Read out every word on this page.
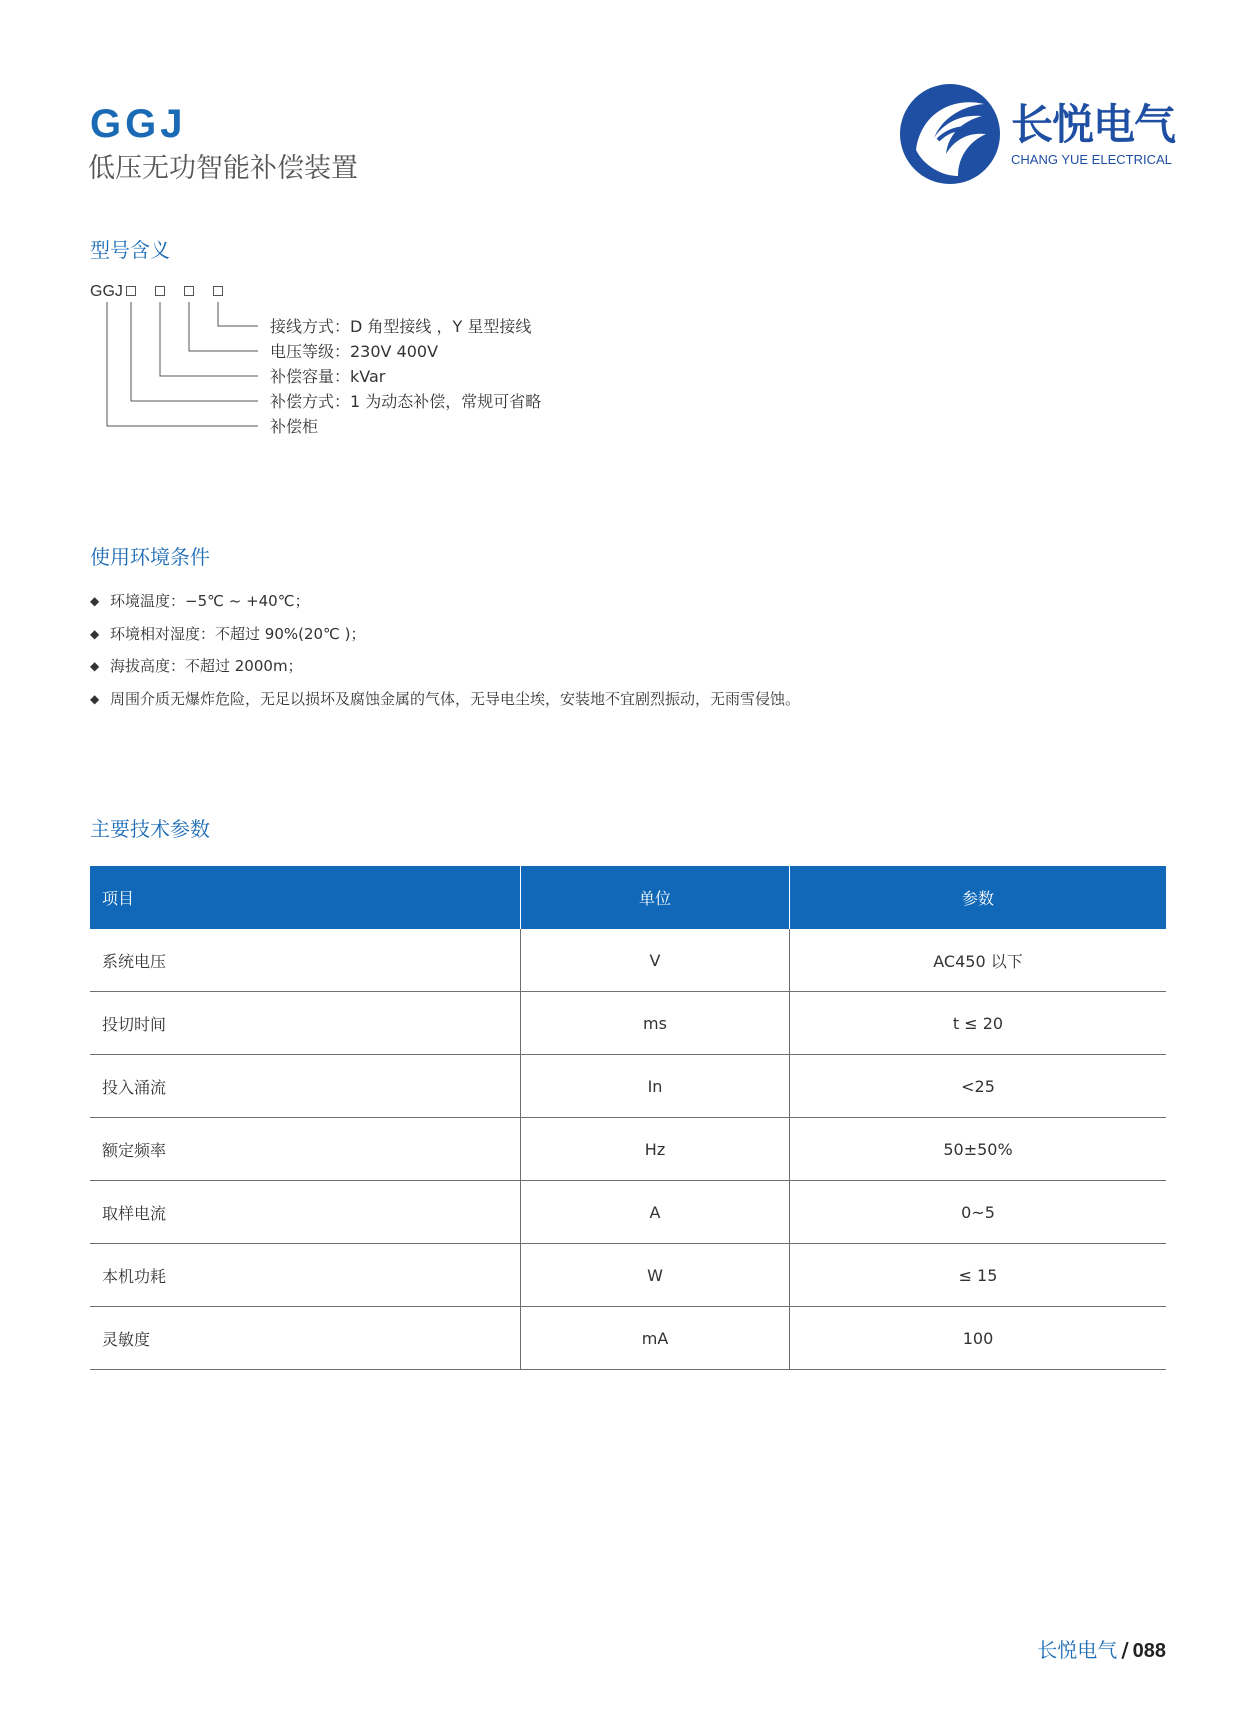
GGJ
低压无功智能补偿装置
长悦电气
CHANG YUE ELECTRICAL
型号含义
GGJ
接线方式：D 角型接线 ，Y 星型接线
电压等级：230V 400V
补偿容量：kVar
补偿方式：1 为动态补偿，常规可省略
补偿柜
使用环境条件
◆ 环境温度：−5℃ ~ +40℃；
◆ 环境相对湿度：不超过 90%(20℃ )；
◆ 海拔高度：不超过 2000m；
◆ 周围介质无爆炸危险，无足以损坏及腐蚀金属的气体，无导电尘埃，安装地不宜剧烈振动，无雨雪侵蚀。
主要技术参数
项目	单位	参数
系统电压	V	AC450 以下
投切时间	ms	t ≤ 20
投入涌流	In	<25
额定频率	Hz	50±50%
取样电流	A	0~5
本机功耗	W	≤ 15
灵敏度	mA	100
长悦电气 / 088
